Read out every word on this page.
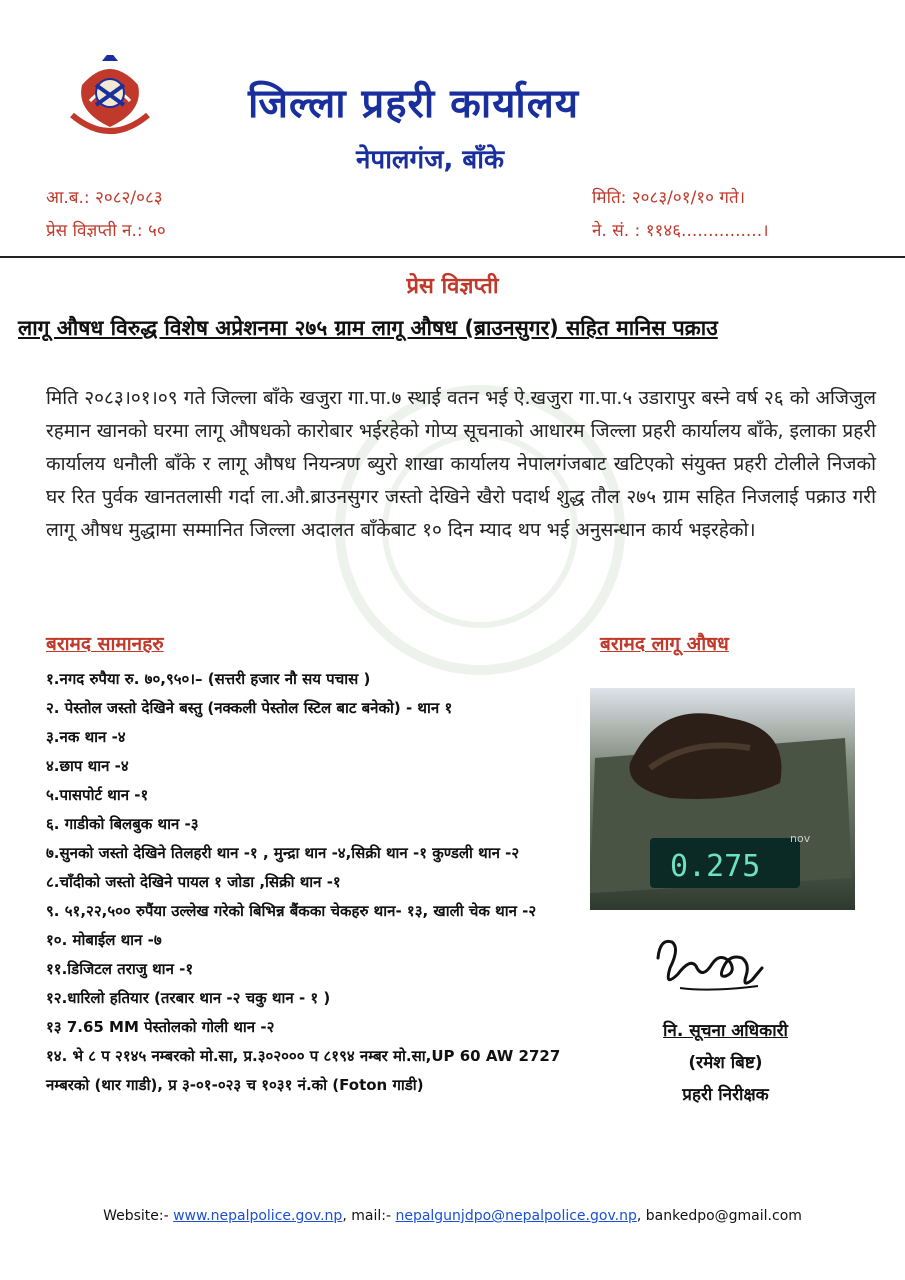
जिल्ला प्रहरी कार्यालय
नेपालगंज, बाँके
आ.ब.: २०८२/०८३
प्रेस विज्ञप्ती न.: ५०
मिति: २०८३/०१/१० गते।
ने. सं. : ११४६...............।
प्रेस विज्ञप्ती
लागू औषध विरुद्ध विशेष अप्रेशनमा २७५ ग्राम लागू औषध (ब्राउनसुगर) सहित मानिस पक्राउ
मिति २०८३।०१।०९ गते जिल्ला बाँके खजुरा गा.पा.७ स्थाई वतन भई ऐ.खजुरा गा.पा.५ उडारापुर बस्ने वर्ष २६ को अजिजुल रहमान खानको घरमा लागू औषधको कारोबार भईरहेको गोप्य सूचनाको आधारम जिल्ला प्रहरी कार्यालय बाँके, इलाका प्रहरी कार्यालय धनौली बाँके र लागू औषध नियन्त्रण ब्युरो शाखा कार्यालय नेपालगंजबाट खटिएको संयुक्त प्रहरी टोलीले निजको घर रित पुर्वक खानतलासी गर्दा ला.औ.ब्राउनसुगर जस्तो देखिने खैरो पदार्थ शुद्ध तौल २७५ ग्राम सहित निजलाई पक्राउ गरी लागू औषध मुद्धामा सम्मानित जिल्ला अदालत बाँकेबाट १० दिन म्याद थप भई अनुसन्धान कार्य भइरहेको।
बरामद सामानहरु	बरामद लागू औषध
१.नगद रुपैया रु. ७०,९५०।– (सत्तरी हजार नौ सय पचास )
२. पेस्तोल जस्तो देखिने बस्तु (नक्कली पेस्तोल स्टिल बाट बनेको) - थान १
३.नक थान -४
४.छाप थान -४
५.पासपोर्ट थान -१
६. गाडीको बिलबुक थान -३
७.सुनको जस्तो देखिने तिलहरी थान -१ , मुन्द्रा थान -४,सिक्री थान -१ कुण्डली थान -२
८.चाँदीको जस्तो देखिने पायल १ जोडा ,सिक्री थान -१
९. ५१,२२,५०० रुपैंया उल्लेख गरेको बिभिन्न बैंकका चेकहरु थान- १३, खाली चेक थान -२
१०. मोबाईल थान -७
११.डिजिटल तराजु थान -१
१२.धारिलो हतियार (तरबार थान -२ चकु थान - १ )
१३ 7.65 MM पेस्तोलको गोली थान -२
१४. भे ८ प २१४५ नम्बरको मो.सा, प्र.३०२००० प ८१९४ नम्बर मो.सा,UP 60 AW 2727 नम्बरको (थार गाडी), प्र ३-०१-०२३ च १०३१ नं.को (Foton गाडी)
nov
0.275
नि. सूचना अधिकारी
(रमेश बिष्ट)
प्रहरी निरीक्षक
Website:- www.nepalpolice.gov.np, mail:- nepalgunjdpo@nepalpolice.gov.np, bankedpo@gmail.com
